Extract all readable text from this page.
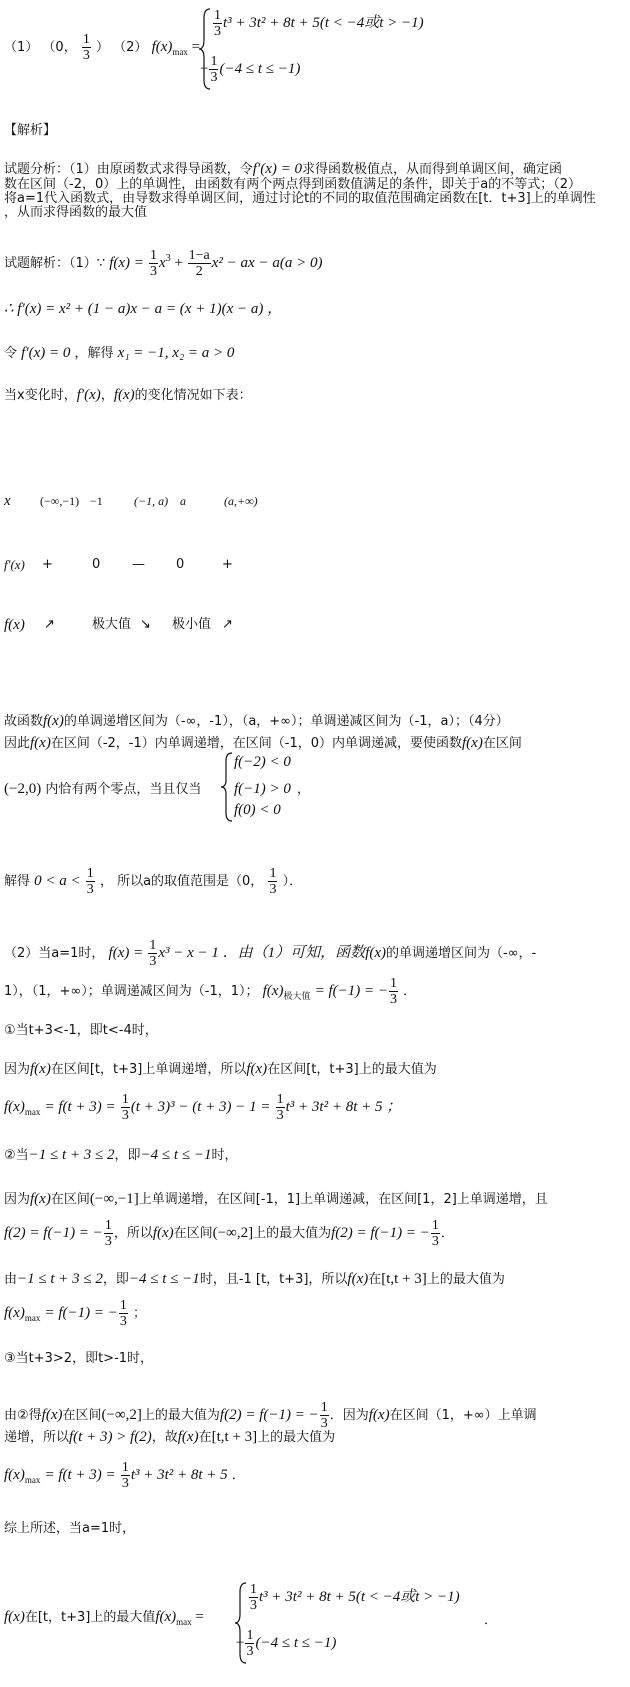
（1） （0， $\frac{1}{3}$ ） （2） $f(x)_{max}$ =
$\frac{1}{3} t^3 + 3t^2 + 8t + 5(t < -4$或t > −1)
− $\frac{1}{3} (-4 \le t \le -1)$
【解析】
试题分析：（1）由原函数式求得导函数，令f′(x) = 0求得函数极值点，从而得到单调区间，确定函
数在区间（-2，0）上的单调性，由函数有两个两点得到函数值满足的条件，即关于a的不等式；（2）
将a=1代入函数式，由导数求得单调区间，通过讨论t的不同的取值范围确定函数在[t．t+3]上的单调性
，从而求得函数的最大值
试题解析：（1）∵ $f(x) = \frac{1}{3} x^3 + \frac{1-a}{2} x^2$ − ax − a(a > 0)
∴ f′(x) = x² + (1 − a)x − a = (x + 1)(x − a) ，
令 f′(x) = 0 ，解得 x₁ = −1, x₂ = a > 0
当x变化时，f′(x)，f(x)的变化情况如下表：
x (−∞,−1) −1	(−1, a) a	(a,+∞)
f′(x) +	0 — 0	+
f(x) ↗	极大值 ↘ 极小值 ↗
故函数f(x)的单调递增区间为（-∞，-1），（a，+∞）；单调递减区间为（-1，a）；（4分）
因此f(x)在区间（-2，-1）内单调递增，在区间（-1，0）内单调递减，要使函数f(x)在区间
(−2,0) 内恰有两个零点，当且仅当
f(−2) < 0
f(−1) > 0 ，
f(0) < 0
解得 $0 < a < \frac{1}{3}$ ， 所以a的取值范围是（0， $\frac{1}{3}$ ）．
（2）当a=1时， $f(x) = \frac{1}{3} x^3 - x - 1$ ．由（1）可知，函数f(x)的单调递增区间为（-∞，-
1），（1，+∞）；单调递减区间为（-1，1）； $f(x)_{极大值} = f(-1)$ = − $\frac{1}{3}$ ．
①当t+3<-1，即t<-4时，
因为f(x)在区间[t，t+3]上单调递增，所以f(x)在区间[t，t+3]上的最大值为
$f(x)_{max} = f(t + 3) = \frac{1}{3} (t + 3)^3 - (t + 3) - 1 = \frac{1}{3} t^3 + 3t^2 + 8t + 5$ ；
②当−1 ≤ t + 3 ≤ 2，即−4 ≤ t ≤ −1时，
因为f(x)在区间(−∞,−1]上单调递增，在区间[-1，1]上单调递减，在区间[1，2]上单调递增，且
f(2) = f(−1) = − $\frac{1}{3}$ ，所以f(x)在区间(−∞,2]上的最大值为f(2) = f(−1) = − $\frac{1}{3}$ ．
由−1 ≤ t + 3 ≤ 2，即−4 ≤ t ≤ −1时，且-1 [t，t+3]，所以f(x)在[t,t + 3]上的最大值为
$f(x)_{max} = f(-1)$ = − $\frac{1}{3}$ ；
③当t+3>2，即t>-1时，
由②得f(x)在区间(−∞,2]上的最大值为f(2) = f(−1) = − $\frac{1}{3}$ ．因为f(x)在区间（1，+∞）上单调
递增，所以f(t + 3) > f(2)，故f(x)在[t,t + 3]上的最大值为
$f(x)_{max} = f(t + 3) = \frac{1}{3} t^3 + 3t^2 + 8t + 5$ ．
综上所述，当a=1时，
f(x)在[t，t+3]上的最大值$f(x)_{max}$ =
$\frac{1}{3} t^3 + 3t^2 + 8t + 5(t < -4$或t > −1)
− $\frac{1}{3} (-4 \le t \le -1)$
．
